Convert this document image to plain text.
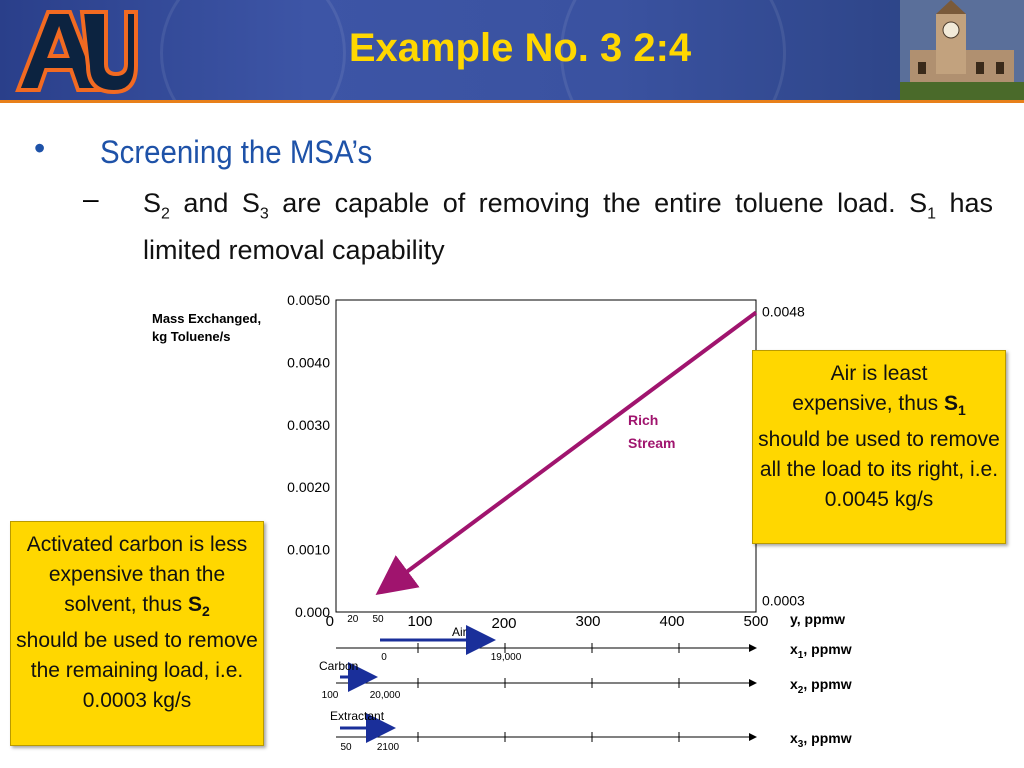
Example No. 3 2:4
• Screening the MSA’s
– $S_2$ and $S_3$ are capable of removing the entire toluene load. $S_1$ has limited removal capability
0.000
0.0010
0.0020
0.0030
0.0040
0.0050
0	100	200	300	400	500
20 50	y, ppmw
Rich
Stream
0.0048
0.0003
Air
0	19,000
$x_1$, ppmw
Carbon
100	20,000
$x_2$, ppmw
Extractant
50	2100
$x_3$, ppmw
Mass Exchanged,
kg Toluene/s
Air is least
expensive, thus $S_1$
should be used to remove all the load to its right, i.e. 0.0045 kg/s
Activated carbon is less expensive than the solvent, thus $S_2$
should be used to remove the remaining load, i.e. 0.0003 kg/s
